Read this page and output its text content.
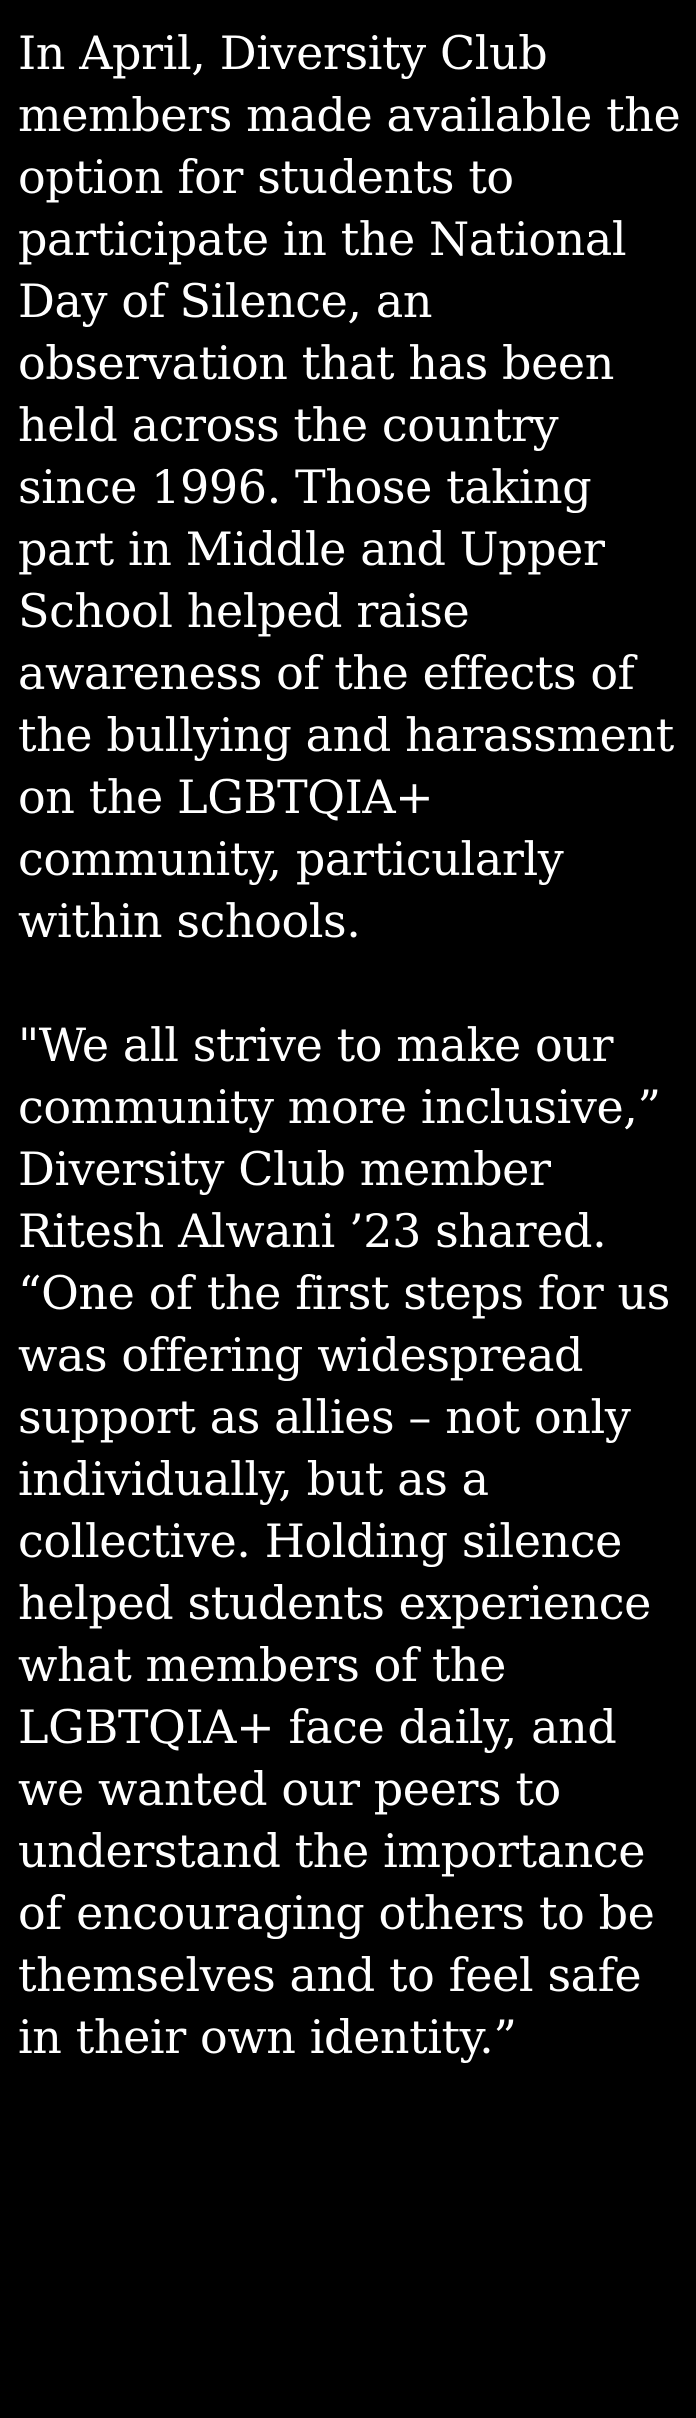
In April, Diversity Club members made available the option for students to participate in the National Day of Silence, an observation that has been held across the country since 1996. Those taking part in Middle and Upper School helped raise awareness of the effects of the bullying and harassment on the LGBTQIA+ community, particularly within schools.

"We all strive to make our community more inclusive,” Diversity Club member Ritesh Alwani ’23 shared. “One of the first steps for us was offering widespread support as allies – not only individually, but as a collective. Holding silence helped students experience what members of the LGBTQIA+ face daily, and we wanted our peers to understand the importance of encouraging others to be themselves and to feel safe in their own identity.”
